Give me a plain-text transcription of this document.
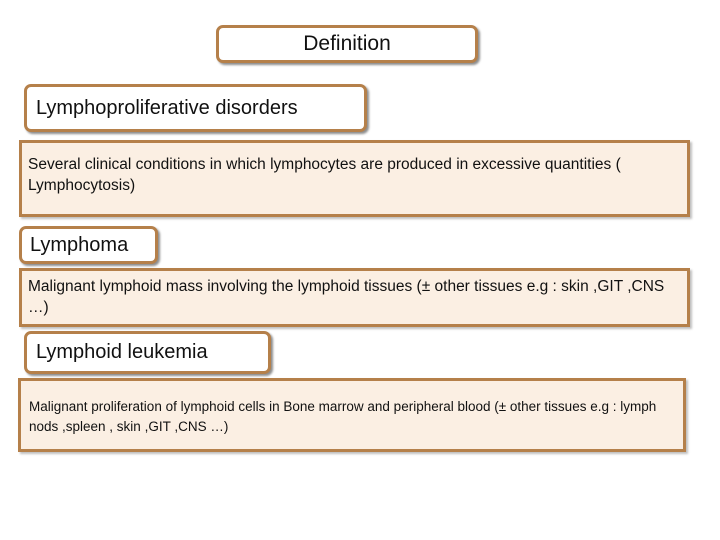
Definition
Lymphoproliferative disorders
Several clinical conditions in which lymphocytes are produced in excessive quantities ( Lymphocytosis)
Lymphoma
Malignant lymphoid mass involving the lymphoid tissues (± other tissues e.g : skin ,GIT ,CNS …)
Lymphoid leukemia
Malignant proliferation of lymphoid cells in Bone marrow and peripheral blood (± other tissues e.g : lymph nods ,spleen , skin ,GIT ,CNS …)
